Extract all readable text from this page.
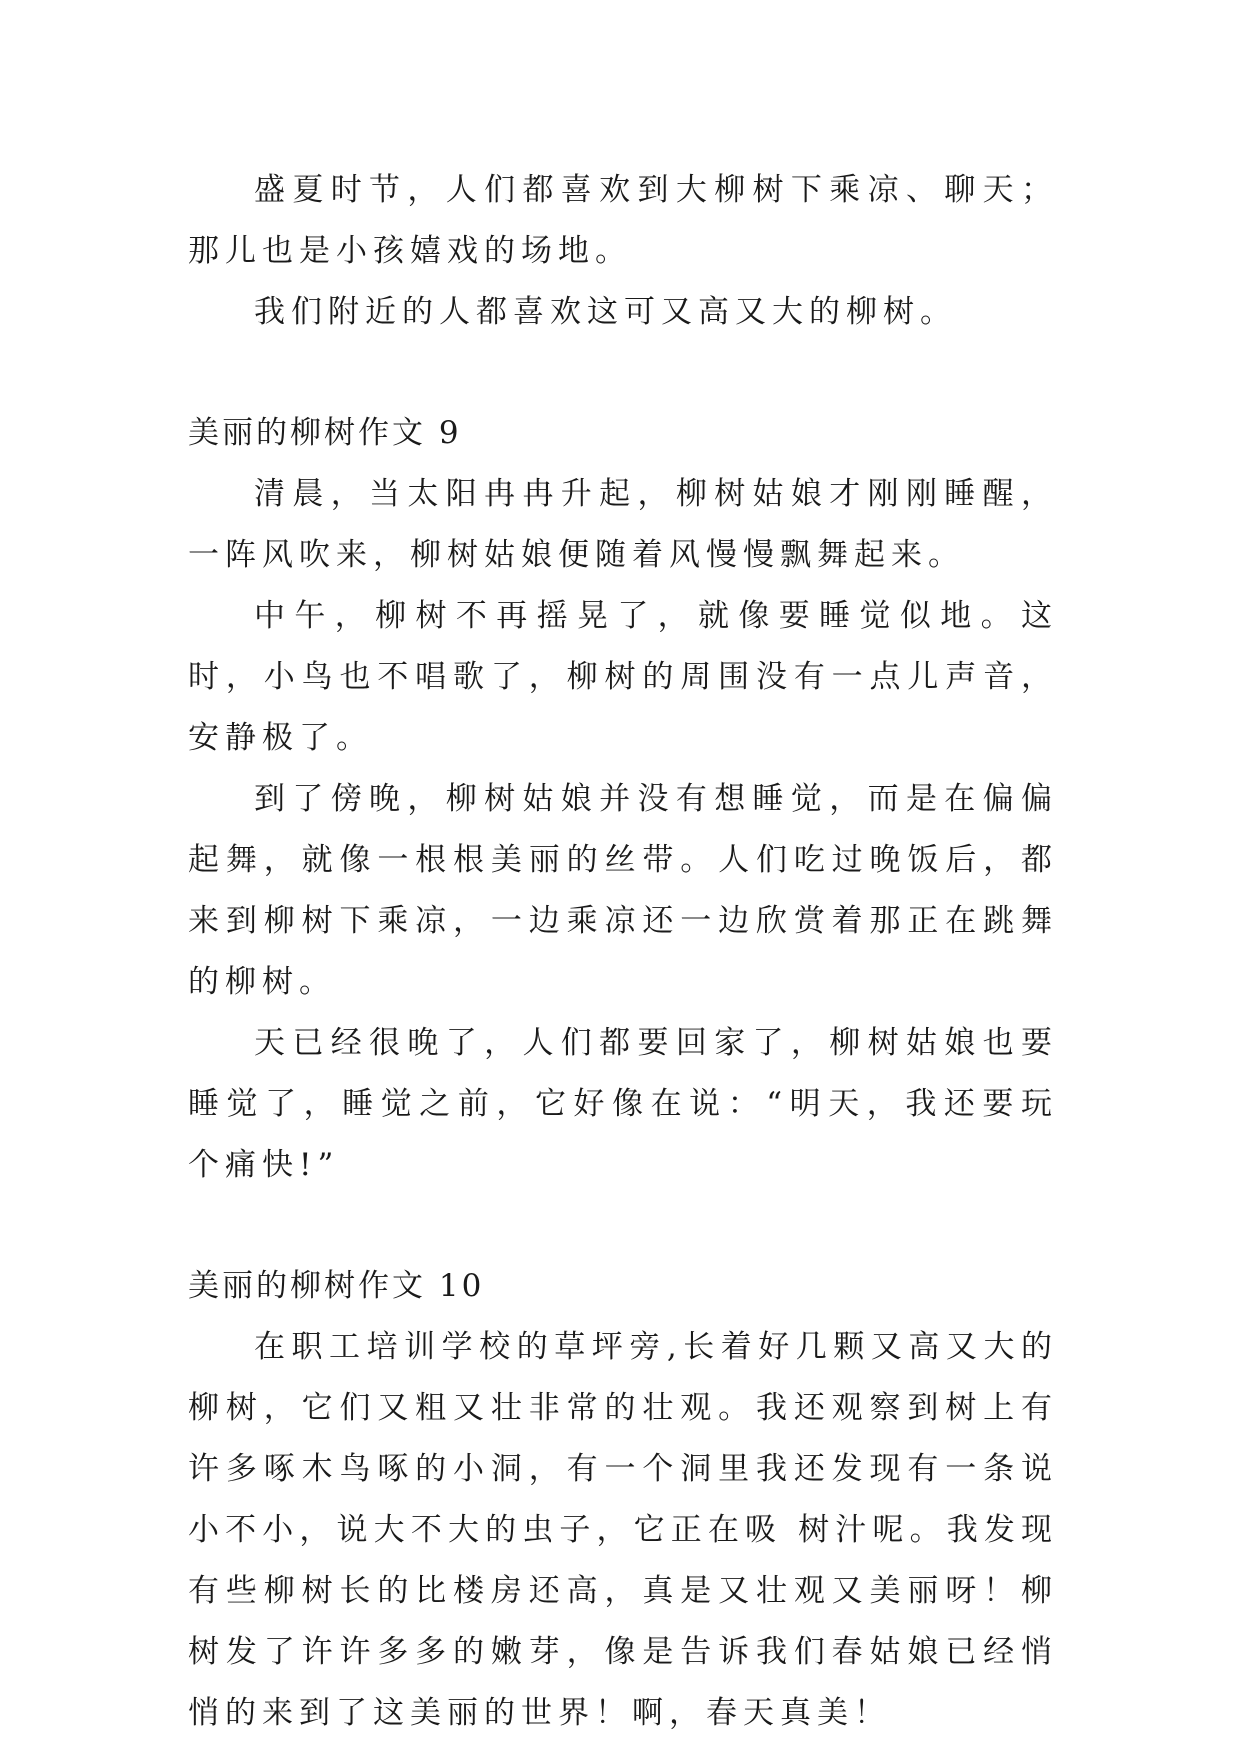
盛夏时节，人们都喜欢到大柳树下乘凉、聊天；那儿也是小孩嬉戏的场地。

我们附近的人都喜欢这可又高又大的柳树。

美丽的柳树作文 9

清晨，当太阳冉冉升起，柳树姑娘才刚刚睡醒，一阵风吹来，柳树姑娘便随着风慢慢飘舞起来。

中午，柳树不再摇晃了，就像要睡觉似地。这时，小鸟也不唱歌了，柳树的周围没有一点儿声音，安静极了。

到了傍晚，柳树姑娘并没有想睡觉，而是在偏偏起舞，就像一根根美丽的丝带。人们吃过晚饭后，都来到柳树下乘凉，一边乘凉还一边欣赏着那正在跳舞的柳树。

天已经很晚了，人们都要回家了，柳树姑娘也要睡觉了，睡觉之前，它好像在说：“明天，我还要玩个痛快!”

美丽的柳树作文 10

在职工培训学校的草坪旁,长着好几颗又高又大的柳树，它们又粗又壮非常的壮观。我还观察到树上有许多啄木鸟啄的小洞，有一个洞里我还发现有一条说小不小，说大不大的虫子，它正在吸 树汁呢。我发现有些柳树长的比楼房还高，真是又壮观又美丽呀！柳树发了许许多多的嫩芽，像是告诉我们春姑娘已经悄悄的来到了这美丽的世界！啊，春天真美！
